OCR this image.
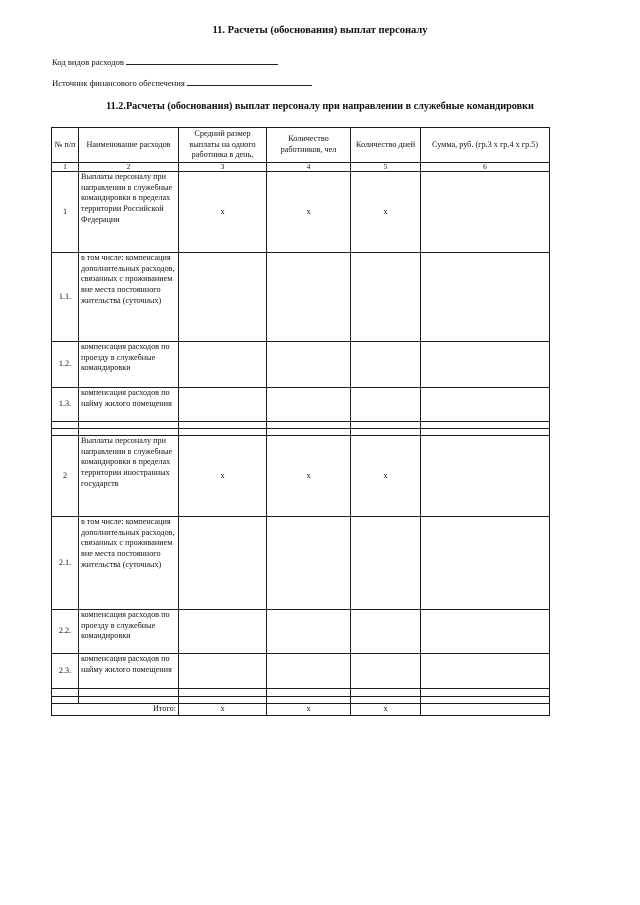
11. Расчеты (обоснования) выплат персоналу
Код видов расходов
Источник финансового обеспечения
11.2.Расчеты (обоснования) выплат персоналу при направлении в служебные командировки
№ п/п	Наименование расходов	Средний размер выплаты на одного работника в день,	Количество работников, чел	Количество дней	Сумма, руб. (гр.3 х гр.4 х гр.5)
1	2	3	4	5	6
1	Выплаты персоналу при направлении в служебные командировки в пределах территории Российской Федерации	x	x	x	
1.1.	в том числе: компенсация дополнительных расходов, связанных с проживанием вне места постоянного жительства (суточных)				
1.2.	компенсация расходов по проезду в служебные командировки				
1.3.	компенсация расходов по найму жилого помещения				

2	Выплаты персоналу при направлении в служебные командировки в пределах территории иностранных государств	x	x	x	
2.1.	в том числе: компенсация дополнительных расходов, связанных с проживанием вне места постоянного жительства (суточных)				
2.2.	компенсация расходов по проезду в служебные командировки				
2.3.	компенсация расходов по найму жилого помещения				

Итого:		x	x	x	
